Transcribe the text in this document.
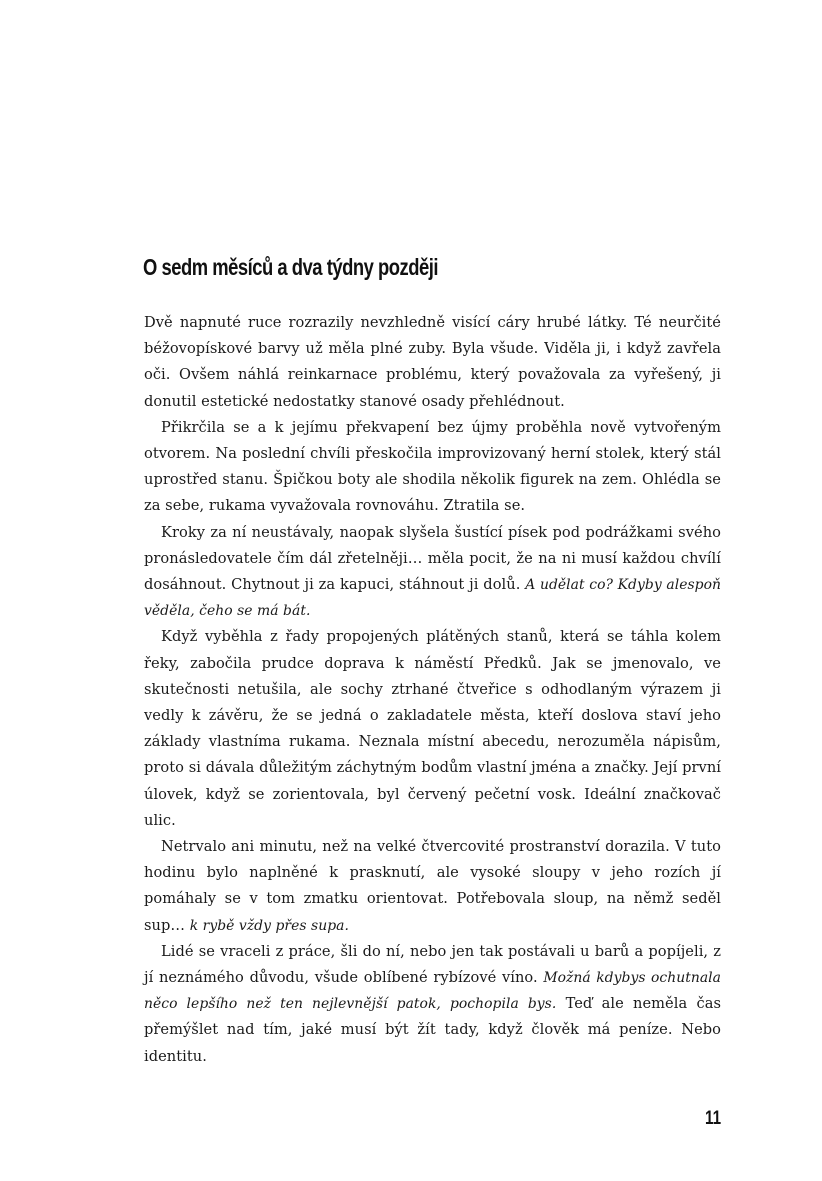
O sedm měsíců a dva týdny později

Dvě napnuté ruce rozrazily nevzhledně visící cáry hrubé látky. Té neurčité béžovopískové barvy už měla plné zuby. Byla všude. Viděla ji, i když zavřela oči. Ovšem náhlá reinkarnace problému, který považovala za vyřešený, ji donutil estetické nedostatky stanové osady přehlédnout.

Přikrčila se a k jejímu překvapení bez újmy proběhla nově vytvořeným otvorem. Na poslední chvíli přeskočila improvizovaný herní stolek, který stál uprostřed stanu. Špičkou boty ale shodila několik figurek na zem. Ohlédla se za sebe, rukama vyvažovala rovnováhu. Ztratila se.

Kroky za ní neustávaly, naopak slyšela šustící písek pod podrážkami svého pronásledovatele čím dál zřetelněji… měla pocit, že na ni musí každou chvílí dosáhnout. Chytnout ji za kapuci, stáhnout ji dolů. A udělat co? Kdyby alespoň věděla, čeho se má bát.

Když vyběhla z řady propojených plátěných stanů, která se táhla kolem řeky, zabočila prudce doprava k náměstí Předků. Jak se jmenovalo, ve skutečnosti netušila, ale sochy ztrhané čtveřice s odhodlaným výrazem ji vedly k závěru, že se jedná o zakladatele města, kteří doslova staví jeho základy vlastníma rukama. Neznala místní abecedu, nerozuměla nápisům, proto si dávala důležitým záchytným bodům vlastní jména a značky. Její první úlovek, když se zorientovala, byl červený pečetní vosk. Ideální značkovač ulic.

Netrvalo ani minutu, než na velké čtvercovité prostranství dorazila. V tuto hodinu bylo naplněné k prasknutí, ale vysoké sloupy v jeho rozích jí pomáhaly se v tom zmatku orientovat. Potřebovala sloup, na němž seděl sup… k rybě vždy přes supa.

Lidé se vraceli z práce, šli do ní, nebo jen tak postávali u barů a popíjeli, z jí neznámého důvodu, všude oblíbené rybízové víno. Možná kdybys ochutnala něco lepšího než ten nejlevnější patok, pochopila bys. Teď ale neměla čas přemýšlet nad tím, jaké musí být žít tady, když člověk má peníze. Nebo identitu.

11
